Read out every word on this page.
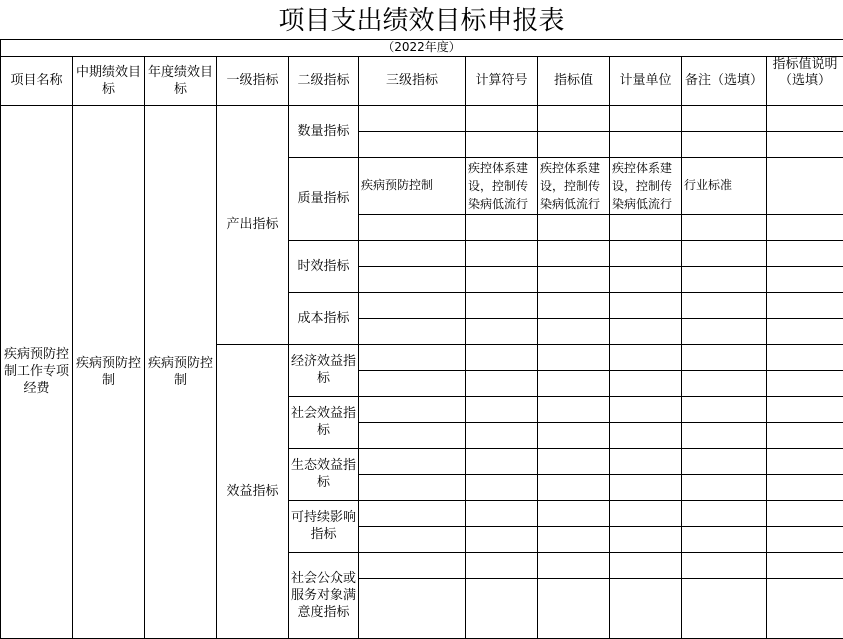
项目名称	中期绩效目标	年度绩效目标	一级指标	二级指标	三级指标	计算符号	指标值	计量单位	备注（选填）	指标值说明（选填）
疾病预防控制工作专项经费	疾病预防控制	疾病预防控制	产出指标	数量指标						

				质量指标	疾病预防控制	疾控体系建设，控制传染病低流行	疾控体系建设，控制传染病低流行	疾控体系建设，控制传染病低流行	行业标准	

				时效指标						

				成本指标						

			效益指标	经济效益指标						

				社会效益指标						

				生态效益指标						

				可持续影响指标						

				社会公众或服务对象满意度指标						

项目支出绩效目标申报表
（2022年度）
